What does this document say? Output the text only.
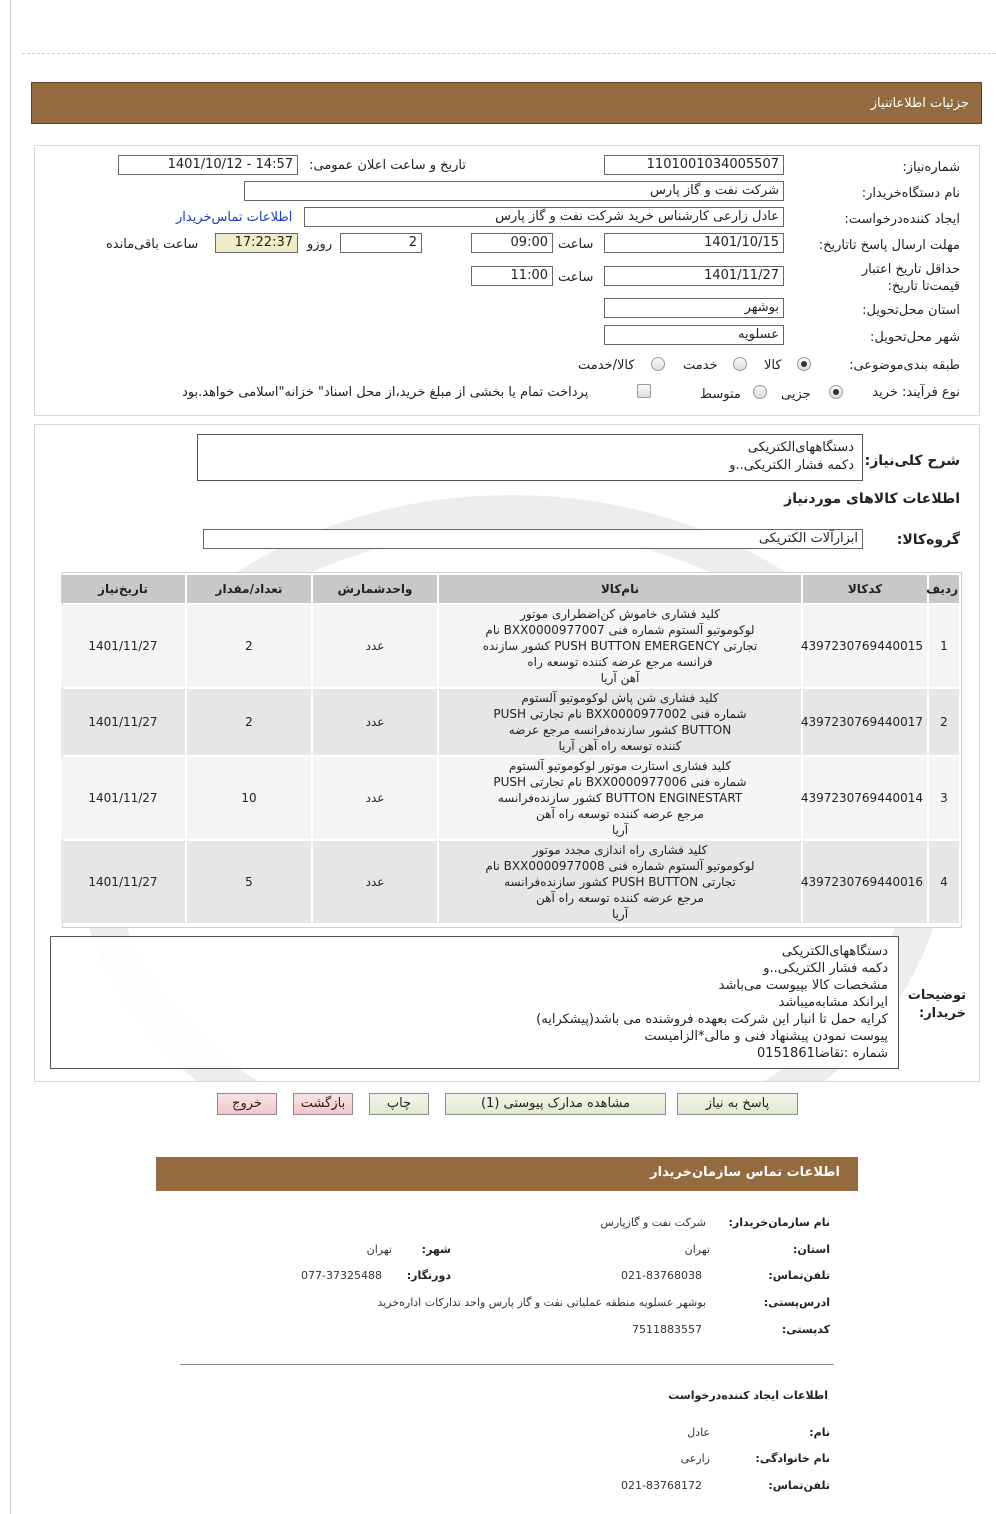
جزئیات اطلاعاتنیاز
شماره‌نیاز:
1101001034005507
تاریخ و ساعت اعلان عمومی:
1401/10/12 - 14:57
نام دستگاه‌خریدار:
شرکت نفت و گاز پارس
ایجاد کننده‌درخواست:
عادل زارعی کارشناس خرید شرکت نفت و گاز پارس
اطلاعات تماس‌خریدار
مهلت ارسال پاسخ تا‌تاریخ:
1401/10/15
ساعت
09:00
2
روزو
17:22:37
ساعت باقی‌مانده
حداقل تاریخ اعتبار قیمت‌تا تاریخ:
1401/11/27
ساعت
11:00
استان محل‌تحویل:
بوشهر
شهر محل‌تحویل:
عسلویه
طبقه بندی‌موضوعی:
کالا
خدمت
کالا/خدمت
نوع فرآیند: خرید
جزیی
متوسط
پرداخت تمام یا بخشی از مبلغ خرید،از محل اسناد" خزانه"اسلامی خواهد.بود
شرح کلی‌نیاز:
دستگاههای‌الکتریکی
دکمه فشار الکتریکی..و
اطلاعات کالاهای موردنیاز
گروه‌کالا:
ابزارآلات الکتریکی
ردیف	کدکالا	نام‌کالا	واحدشمارش	تعداد/مقدار	تاریخ‌نیاز
1	4397230769440015	کلید فشاری خاموش کن‌اضطراری موتور
لوکوموتیو آلستوم شماره فنی BXX0000977007 نام
تجارتی PUSH BUTTON EMERGENCY کشور سازنده
فرانسه مرجع عرضه کننده توسعه راه
آهن آریا	عدد	2	1401/11/27
2	4397230769440017	کلید فشاری شن پاش لوکوموتیو آلستوم
شماره فنی BXX0000977002 نام تجارتی PUSH
BUTTON کشور سازنده‌فرانسه مرجع عرضه
کننده توسعه راه آهن آریا	عدد	2	1401/11/27
3	4397230769440014	کلید فشاری استارت موتور لوکوموتیو آلستوم
شماره فنی BXX0000977006 نام تجارتی PUSH
BUTTON ENGINESTART کشور سازنده‌فرانسه
مرجع عرضه کننده توسعه راه آهن
آریا	عدد	10	1401/11/27
4	4397230769440016	کلید فشاری راه اندازی مجدد موتور
لوکوموتیو آلستوم شماره فنی BXX0000977008 نام
تجارتی PUSH BUTTON کشور سازنده‌فرانسه
مرجع عرضه کننده توسعه راه آهن
آریا	عدد	5	1401/11/27
توضیحات خریدار:
دستگاههای‌الکتریکی
دکمه فشار الکتریکی..و
مشخصات کالا بپیوست می‌باشد
ایرانکد مشابه‌میباشد
کرایه حمل تا انبار این شرکت بعهده فروشنده می باشد(پیشکرایه)
پیوست نمودن پیشنهاد فنی و مالی*الزامیست
شماره :تقاضا0151861
پاسخ به نیاز
مشاهده مدارک پیوستی (1)
چاپ
بازگشت
خروج
اطلاعات تماس سازمان‌خریدار
نام سازمان‌خریدار:
شرکت نفت و گازپارس
استان:
تهران
شهر:
تهران
تلفن‌تماس:
021-83768038
دورنگار:
077-37325488
ادرس‌پستی:
بوشهر عسلویه منطقه عملیاتی نفت و گاز پارس واحد تدارکات اداره‌خرید
کدپستی:
7511883557
اطلاعات ایجاد کننده‌درخواست
نام:
عادل
نام خانوادگی:
زارعی
تلفن‌تماس:
021-83768172
